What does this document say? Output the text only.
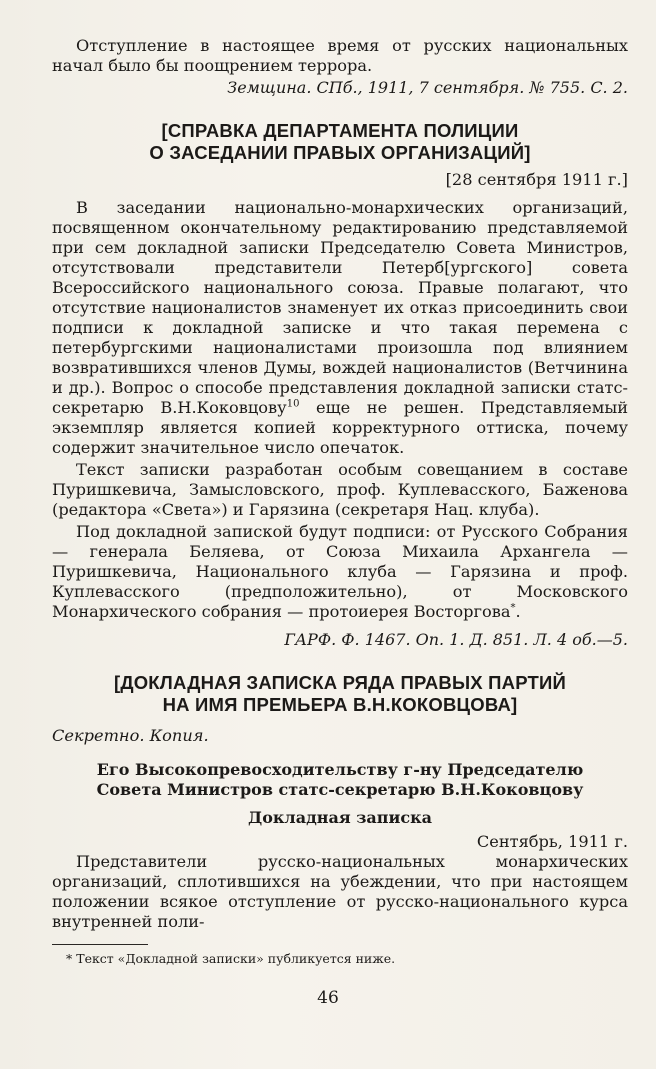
Отступление в настоящее время от русских национальных начал было бы поощрением террора.

Земщина. СПб., 1911, 7 сентября. № 755. С. 2.

[СПРАВКА ДЕПАРТАМЕНТА ПОЛИЦИИ
О ЗАСЕДАНИИ ПРАВЫХ ОРГАНИЗАЦИЙ]
[28 сентября 1911 г.]

В заседании национально-монархических организаций, посвященном окончательному редактированию представляемой при сем докладной записки Председателю Совета Министров, отсутствовали представители Петерб[ургского] совета Всероссийского национального союза. Правые полагают, что отсутствие националистов знаменует их отказ присоединить свои подписи к докладной записке и что такая перемена с петербургскими националистами произошла под влиянием возвратившихся членов Думы, вождей националистов (Ветчинина и др.). Вопрос о способе представления докладной записки статс-секретарю В.Н.Коковцову$^{10}$ еще не решен. Представляемый экземпляр является копией корректурного оттиска, почему содержит значительное число опечаток.

Текст записки разработан особым совещанием в составе Пуришкевича, Замысловского, проф. Куплевасского, Баженова (редактора «Света») и Гарязина (секретаря Нац. клуба).

Под докладной запиской будут подписи: от Русского Собрания — генерала Беляева, от Союза Михаила Архангела — Пуришкевича, Национального клуба — Гарязина и проф. Куплевасского (предположительно), от Московского Монархического собрания — протоиерея Восторгова*.

ГАРФ. Ф. 1467. Оп. 1. Д. 851. Л. 4 об.—5.

[ДОКЛАДНАЯ ЗАПИСКА РЯДА ПРАВЫХ ПАРТИЙ
НА ИМЯ ПРЕМЬЕРА В.Н.КОКОВЦОВА]

Секретно. Копия.

Его Высокопревосходительству г-ну Председателю
Совета Министров статс-секретарю В.Н.Коковцову
Докладная записка
Сентябрь, 1911 г.

Представители русско-национальных монархических организаций, сплотившихся на убеждении, что при настоящем положении всякое отступление от русско-национального курса внутренней поли-

* Текст «Докладной записки» публикуется ниже.

46
